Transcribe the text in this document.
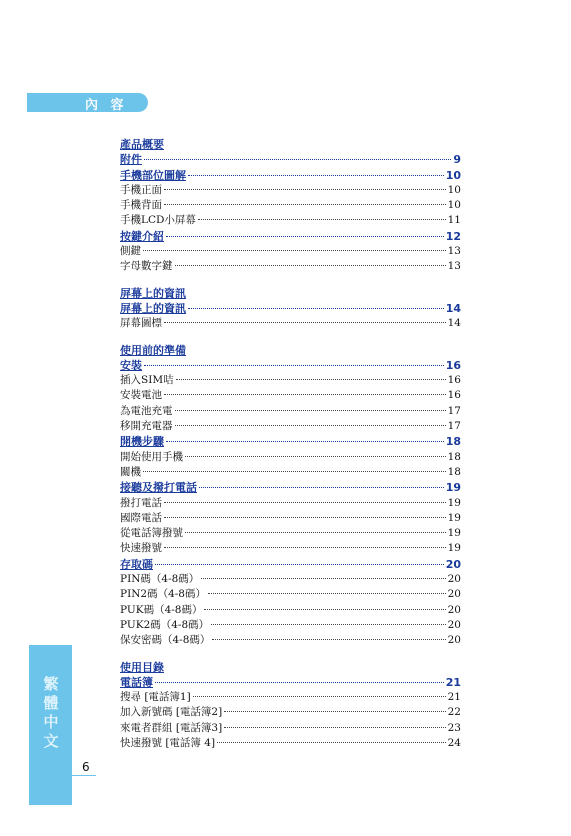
內 容
繁
體
中
文
6
產品概要
附件	9
手機部位圖解	10
手機正面	10
手機背面	10
手機LCD小屏幕	11
按鍵介紹	12
側鍵	13
字母數字鍵	13
屏幕上的資訊
屏幕上的資訊	14
屏幕圖標	14
使用前的準備
安裝	16
插入SIM咭	16
安裝電池	16
為電池充電	17
移開充電器	17
開機步驟	18
開始使用手機	18
關機	18
接聽及撥打電話	19
撥打電話	19
國際電話	19
從電話簿撥號	19
快速撥號	19
存取碼	20
PIN碼（4-8碼）	20
PIN2碼（4-8碼）	20
PUK碼（4-8碼）	20
PUK2碼（4-8碼）	20
保安密碼（4-8碼）	20
使用目錄
電話簿	21
搜尋 [電話簿1]	21
加入新號碼 [電話簿2]	22
來電者群組 [電話簿3]	23
快速撥號 [電話簿 4]	24
